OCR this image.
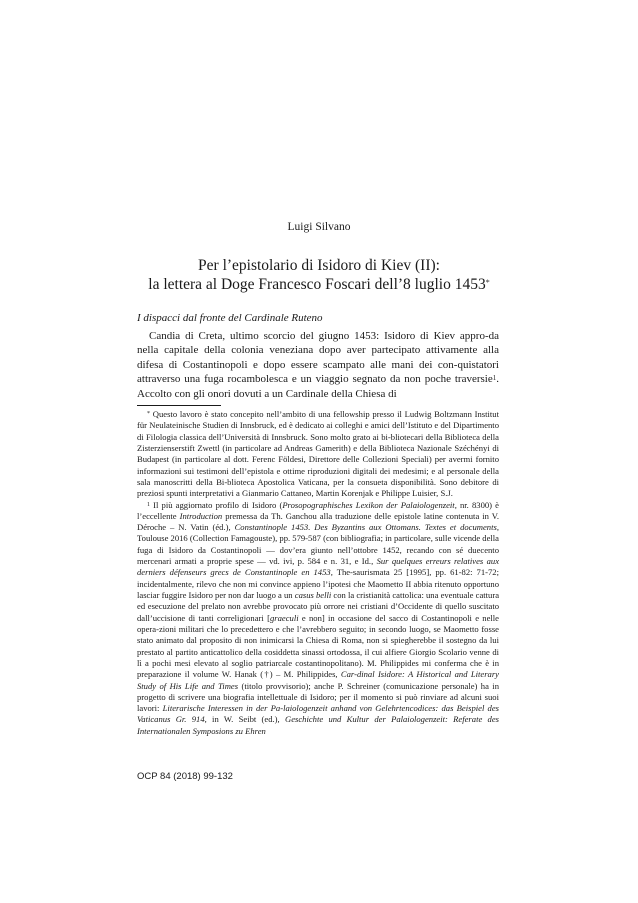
Luigi Silvano
Per l’epistolario di Isidoro di Kiev (II):
la lettera al Doge Francesco Foscari dell’8 luglio 1453*
I dispacci dal fronte del Cardinale Ruteno

Candia di Creta, ultimo scorcio del giugno 1453: Isidoro di Kiev appro-da nella capitale della colonia veneziana dopo aver partecipato attivamente alla difesa di Costantinopoli e dopo essere scampato alle mani dei con-quistatori attraverso una fuga rocambolesca e un viaggio segnato da non poche traversie$^1$. Accolto con gli onori dovuti a un Cardinale della Chiesa di

* Questo lavoro è stato concepito nell’ambito di una fellowship presso il Ludwig Boltzmann Institut für Neulateinische Studien di Innsbruck, ed è dedicato ai colleghi e amici dell’Istituto e del Dipartimento di Filologia classica dell’Università di Innsbruck. Sono molto grato ai bi-bliotecari della Biblioteca della Zisterzienserstift Zwettl (in particolare ad Andreas Gamerith) e della Biblioteca Nazionale Széchényi di Budapest (in particolare al dott. Ferenc Földesi, Direttore delle Collezioni Speciali) per avermi fornito informazioni sui testimoni dell’epistola e ottime riproduzioni digitali dei medesimi; e al personale della sala manoscritti della Bi-blioteca Apostolica Vaticana, per la consueta disponibilità. Sono debitore di preziosi spunti interpretativi a Gianmario Cattaneo, Martin Korenjak e Philippe Luisier, S.J.

$^1$ Il più aggiornato profilo di Isidoro (Prosopographisches Lexikon der Palaiologenzeit, nr. 8300) è l’eccellente Introduction premessa da Th. Ganchou alla traduzione delle epistole latine contenuta in V. Déroche – N. Vatin (éd.), Constantinople 1453. Des Byzantins aux Ottomans. Textes et documents, Toulouse 2016 (Collection Famagouste), pp. 579-587 (con bibliografia; in particolare, sulle vicende della fuga di Isidoro da Costantinopoli — dov’era giunto nell’ottobre 1452, recando con sé duecento mercenari armati a proprie spese — vd. ivi, p. 584 e n. 31, e Id., Sur quelques erreurs relatives aux derniers défenseurs grecs de Constantinople en 1453, The-saurismata 25 [1995], pp. 61-82: 71-72; incidentalmente, rilevo che non mi convince appieno l’ipotesi che Maometto II abbia ritenuto opportuno lasciar fuggire Isidoro per non dar luogo a un casus belli con la cristianità cattolica: una eventuale cattura ed esecuzione del prelato non avrebbe provocato più orrore nei cristiani d’Occidente di quello suscitato dall’uccisione di tanti correligionari [graeculi e non] in occasione del sacco di Costantinopoli e nelle opera-zioni militari che lo precedettero e che l’avrebbero seguito; in secondo luogo, se Maometto fosse stato animato dal proposito di non inimicarsi la Chiesa di Roma, non si spiegherebbe il sostegno da lui prestato al partito anticattolico della cosiddetta sinassi ortodossa, il cui alfiere Giorgio Scolario venne di lì a pochi mesi elevato al soglio patriarcale costantinopolitano). M. Philippides mi conferma che è in preparazione il volume W. Hanak (†) – M. Philippides, Car-dinal Isidore: A Historical and Literary Study of His Life and Times (titolo provvisorio); anche P. Schreiner (comunicazione personale) ha in progetto di scrivere una biografia intellettuale di Isidoro; per il momento si può rinviare ad alcuni suoi lavori: Literarische Interessen in der Pa-laiologenzeit anhand von Gelehrtencodices: das Beispiel des Vaticanus Gr. 914, in W. Seibt (ed.), Geschichte und Kultur der Palaiologenzeit: Referate des Internationalen Symposions zu Ehren

OCP 84 (2018) 99-132
